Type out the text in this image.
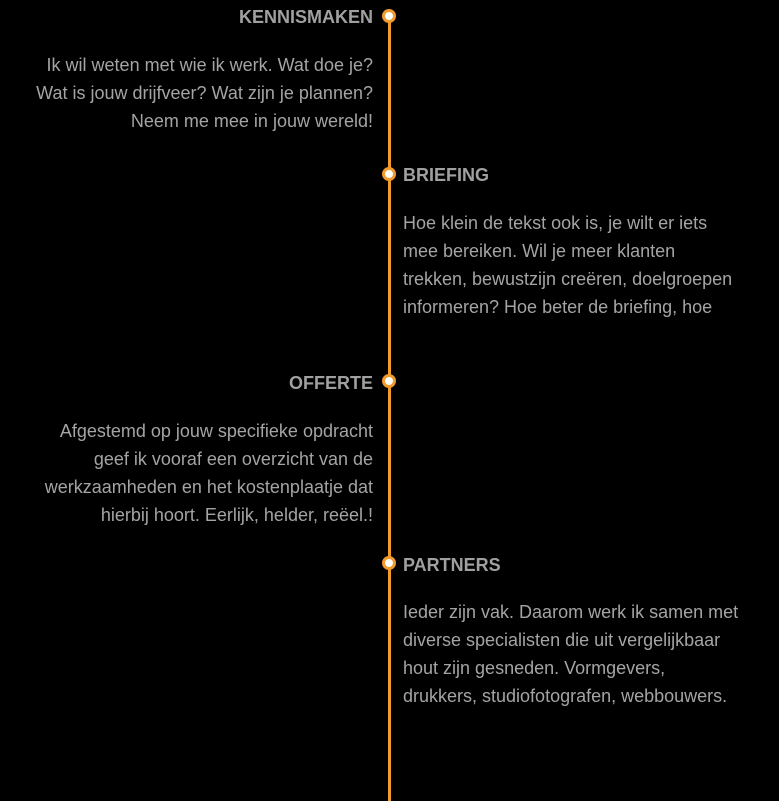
KENNISMAKEN
Ik wil weten met wie ik werk. Wat doe je?
Wat is jouw drijfveer? Wat zijn je plannen?
Neem me mee in jouw wereld!
BRIEFING
Hoe klein de tekst ook is, je wilt er iets
mee bereiken. Wil je meer klanten
trekken, bewustzijn creëren, doelgroepen
informeren? Hoe beter de briefing, hoe
OFFERTE
Afgestemd op jouw specifieke opdracht
geef ik vooraf een overzicht van de
werkzaamheden en het kostenplaatje dat
hierbij hoort. Eerlijk, helder, reëel.!
PARTNERS
Ieder zijn vak. Daarom werk ik samen met
diverse specialisten die uit vergelijkbaar
hout zijn gesneden. Vormgevers,
drukkers, studiofotografen, webbouwers.
